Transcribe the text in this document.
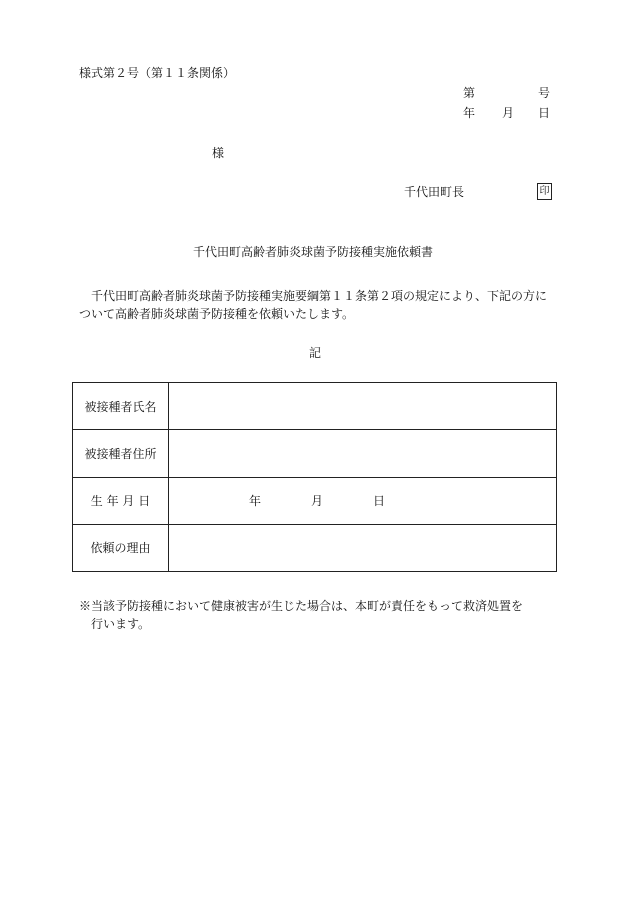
様式第２号（第１１条関係）
第	号
年 月 日
様
千代田町長	印
千代田町高齢者肺炎球菌予防接種実施依頼書
千代田町高齢者肺炎球菌予防接種実施要綱第１１条第２項の規定により、下記の方に
ついて高齢者肺炎球菌予防接種を依頼いたします。
記
被接種者氏名	
被接種者住所	
生 年 月 日	年 月 日

依頼の理由	
※当該予防接種において健康被害が生じた場合は、本町が責任をもって救済処置を
行います。
